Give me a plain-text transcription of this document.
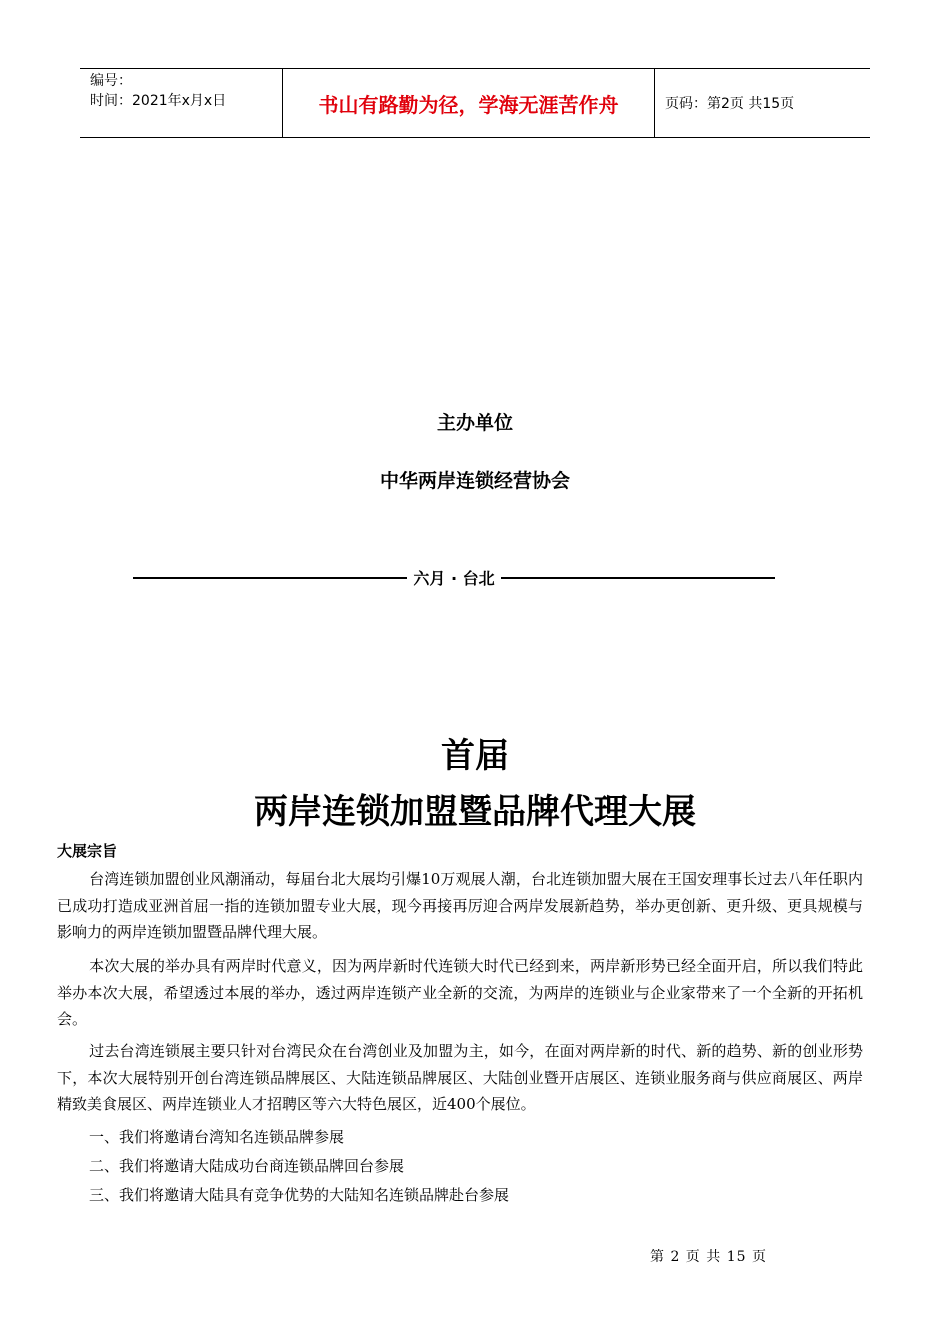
编号：
时间：2021年x月x日	书山有路勤为径，学海无涯苦作舟	页码：第2页 共15页
主办单位
中华两岸连锁经营协会
六月 · 台北
首届
两岸连锁加盟暨品牌代理大展
大展宗旨
台湾连锁加盟创业风潮涌动，每届台北大展均引爆10万观展人潮，台北连锁加盟大展在王国安理事长过去八年任职内已成功打造成亚洲首屈一指的连锁加盟专业大展，现今再接再厉迎合两岸发展新趋势，举办更创新、更升级、更具规模与影响力的两岸连锁加盟暨品牌代理大展。
本次大展的举办具有两岸时代意义，因为两岸新时代连锁大时代已经到来，两岸新形势已经全面开启，所以我们特此举办本次大展，希望透过本展的举办，透过两岸连锁产业全新的交流，为两岸的连锁业与企业家带来了一个全新的开拓机会。
过去台湾连锁展主要只针对台湾民众在台湾创业及加盟为主，如今，在面对两岸新的时代、新的趋势、新的创业形势下，本次大展特别开创台湾连锁品牌展区、大陆连锁品牌展区、大陆创业暨开店展区、连锁业服务商与供应商展区、两岸精致美食展区、两岸连锁业人才招聘区等六大特色展区，近400个展位。
一、我们将邀请台湾知名连锁品牌参展
二、我们将邀请大陆成功台商连锁品牌回台参展
三、我们将邀请大陆具有竞争优势的大陆知名连锁品牌赴台参展
第 2 页 共 15 页
